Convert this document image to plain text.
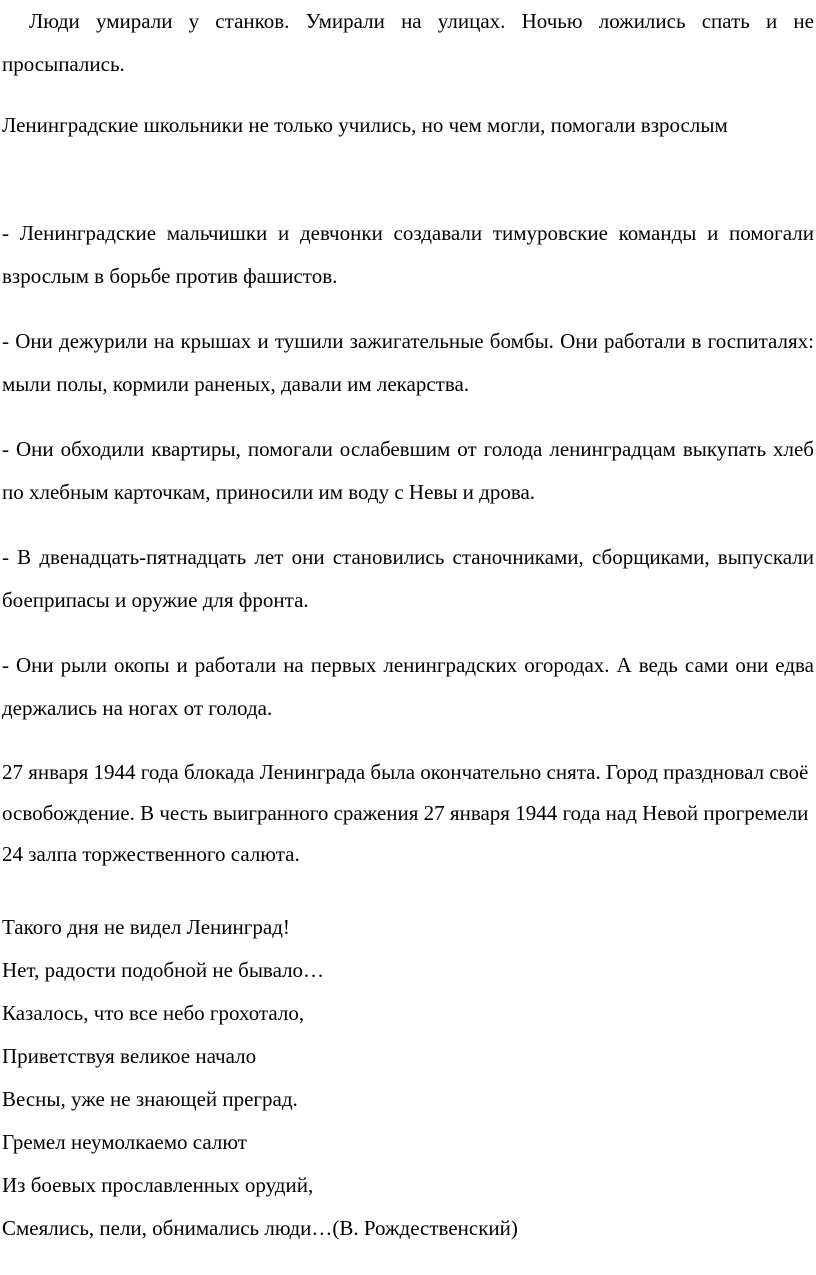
Люди умирали у станков. Умирали на улицах. Ночью ложились спать и не просыпались.

Ленинградские школьники не только учились, но чем могли, помогали взрослым

- Ленинградские мальчишки и девчонки создавали тимуровские команды и помогали взрослым в борьбе против фашистов.

- Они дежурили на крышах и тушили зажигательные бомбы. Они работали в госпиталях: мыли полы, кормили раненых, давали им лекарства.

- Они обходили квартиры, помогали ослабевшим от голода ленинградцам выкупать хлеб по хлебным карточкам, приносили им воду с Невы и дрова.

- В двенадцать-пятнадцать лет они становились станочниками, сборщиками, выпускали боеприпасы и оружие для фронта.

- Они рыли окопы и работали на первых ленинградских огородах. А ведь сами они едва держались на ногах от голода.

27 января 1944 года блокада Ленинграда была окончательно снята. Город праздновал своё освобождение. В честь выигранного сражения 27 января 1944 года над Невой прогремели 24 залпа торжественного салюта.

Такого дня не видел Ленинград!
Нет, радости подобной не бывало…
Казалось, что все небо грохотало,
Приветствуя великое начало
Весны, уже не знающей преград.
Гремел неумолкаемо салют
Из боевых прославленных орудий,
Смеялись, пели, обнимались люди…(В. Рождественский)
